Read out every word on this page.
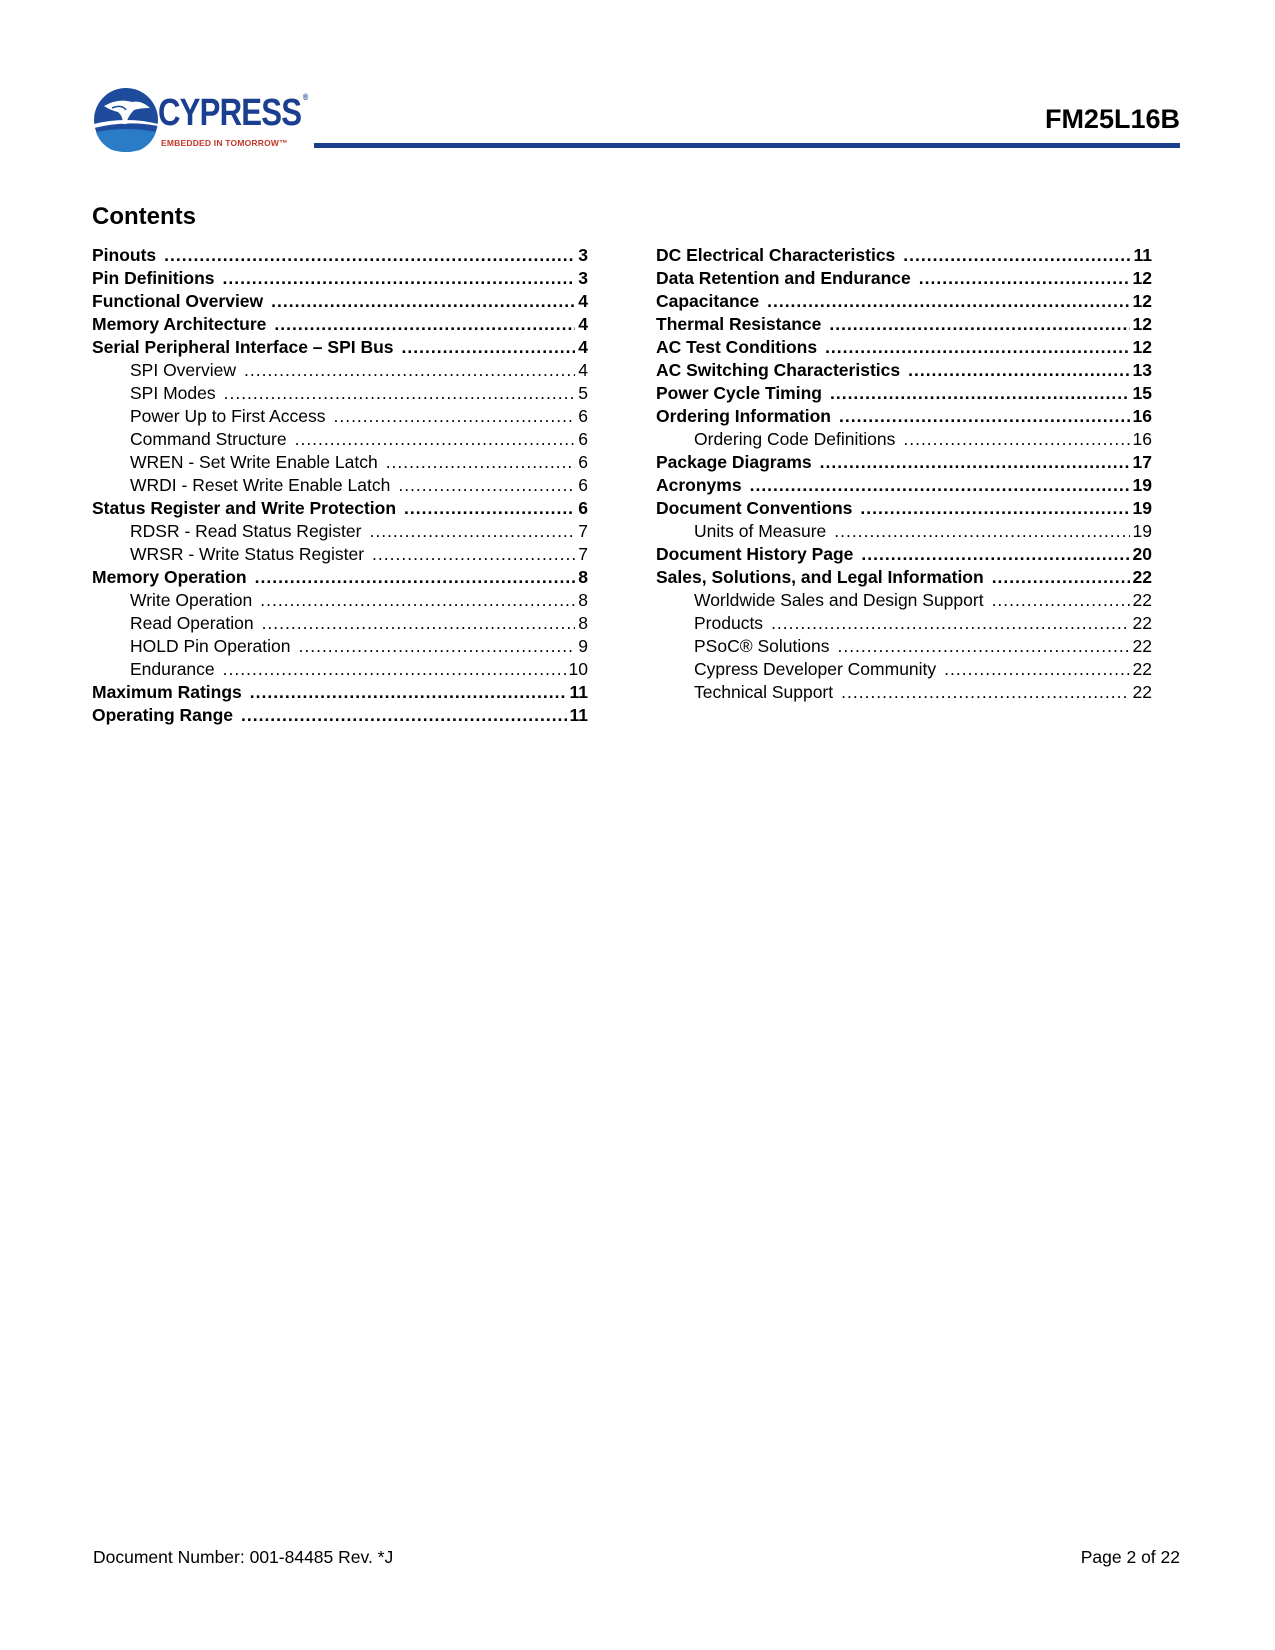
CYPRESS ®
EMBEDDED IN TOMORROW™
FM25L16B
Contents
Pinouts .....	3
Pin Definitions .....	3
Functional Overview .....	4
Memory Architecture .....	4
Serial Peripheral Interface – SPI Bus .....	4
SPI Overview .....	4
SPI Modes .....	5
Power Up to First Access .....	6
Command Structure .....	6
WREN - Set Write Enable Latch .....	6
WRDI - Reset Write Enable Latch .....	6
Status Register and Write Protection .....	6
RDSR - Read Status Register .....	7
WRSR - Write Status Register .....	7
Memory Operation .....	8
Write Operation .....	8
Read Operation .....	8
HOLD Pin Operation .....	9
Endurance .....	10
Maximum Ratings .....	11
Operating Range .....	11
DC Electrical Characteristics .....	11
Data Retention and Endurance .....	12
Capacitance .....	12
Thermal Resistance .....	12
AC Test Conditions .....	12
AC Switching Characteristics .....	13
Power Cycle Timing .....	15
Ordering Information .....	16
Ordering Code Definitions .....	16
Package Diagrams .....	17
Acronyms .....	19
Document Conventions .....	19
Units of Measure .....	19
Document History Page .....	20
Sales, Solutions, and Legal Information .....	22
Worldwide Sales and Design Support .....	22
Products .....	22
PSoC® Solutions .....	22
Cypress Developer Community .....	22
Technical Support .....	22
Document Number: 001-84485 Rev. *J	Page 2 of 22
